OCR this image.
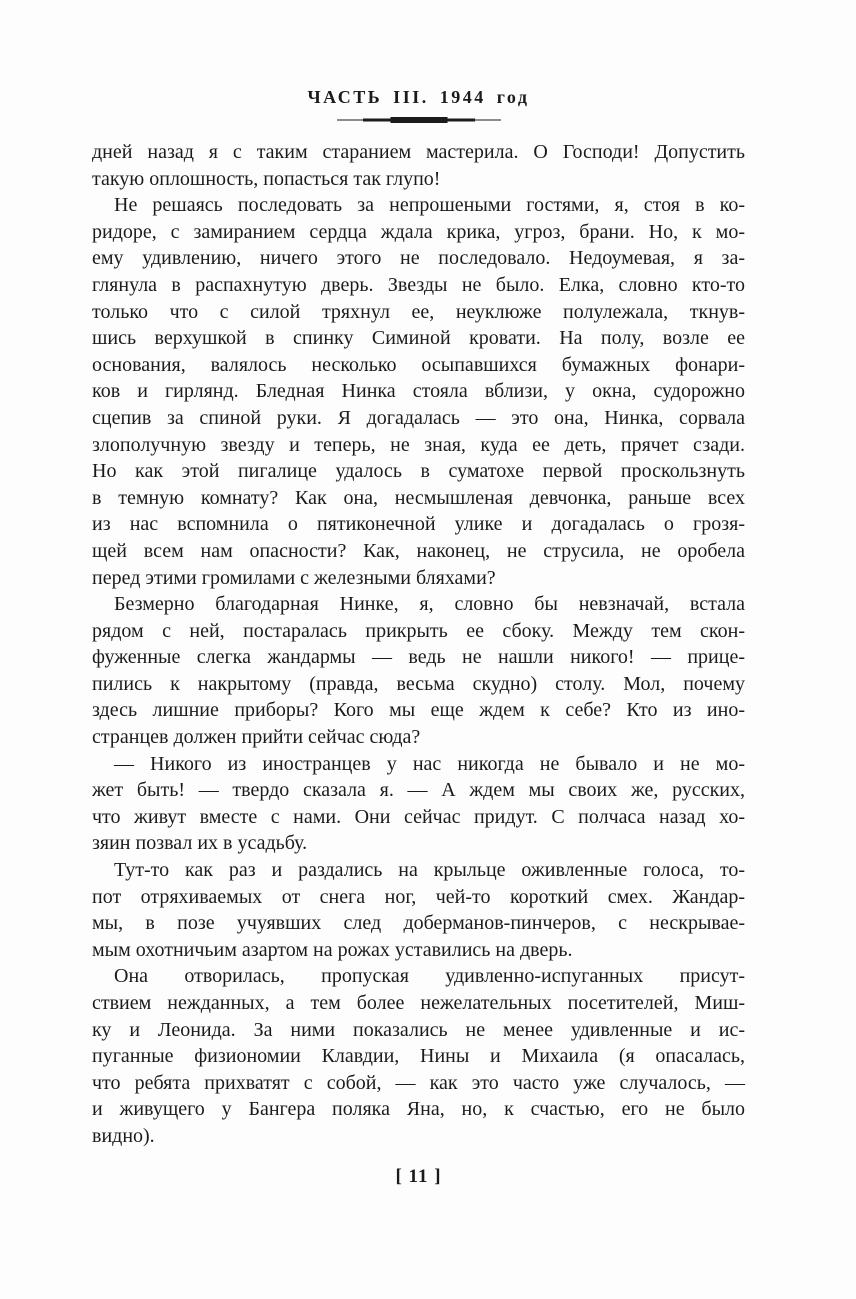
ЧАСТЬ III. 1944 год
дней назад я с таким старанием мастерила. О Господи! Допустить
такую оплошность, попасться так глупо!
Не решаясь последовать за непрошеными гостями, я, стоя в ко-
ридоре, с замиранием сердца ждала крика, угроз, брани. Но, к мо-
ему удивлению, ничего этого не последовало. Недоумевая, я за-
глянула в распахнутую дверь. Звезды не было. Елка, словно кто-то
только что с силой тряхнул ее, неуклюже полулежала, ткнув-
шись верхушкой в спинку Симиной кровати. На полу, возле ее
основания, валялось несколько осыпавшихся бумажных фонари-
ков и гирлянд. Бледная Нинка стояла вблизи, у окна, судорожно
сцепив за спиной руки. Я догадалась — это она, Нинка, сорвала
злополучную звезду и теперь, не зная, куда ее деть, прячет сзади.
Но как этой пигалице удалось в суматохе первой проскользнуть
в темную комнату? Как она, несмышленая девчонка, раньше всех
из нас вспомнила о пятиконечной улике и догадалась о грозя-
щей всем нам опасности? Как, наконец, не струсила, не оробела
перед этими громилами с железными бляхами?
Безмерно благодарная Нинке, я, словно бы невзначай, встала
рядом с ней, постаралась прикрыть ее сбоку. Между тем скон-
фуженные слегка жандармы — ведь не нашли никого! — прице-
пились к накрытому (правда, весьма скудно) столу. Мол, почему
здесь лишние приборы? Кого мы еще ждем к себе? Кто из ино-
странцев должен прийти сейчас сюда?
— Никого из иностранцев у нас никогда не бывало и не мо-
жет быть! — твердо сказала я. — А ждем мы своих же, русских,
что живут вместе с нами. Они сейчас придут. С полчаса назад хо-
зяин позвал их в усадьбу.
Тут-то как раз и раздались на крыльце оживленные голоса, то-
пот отряхиваемых от снега ног, чей-то короткий смех. Жандар-
мы, в позе учуявших след доберманов-пинчеров, с нескрывае-
мым охотничьим азартом на рожах уставились на дверь.
Она отворилась, пропуская удивленно-испуганных присут-
ствием нежданных, а тем более нежелательных посетителей, Миш-
ку и Леонида. За ними показались не менее удивленные и ис-
пуганные физиономии Клавдии, Нины и Михаила (я опасалась,
что ребята прихватят с собой, — как это часто уже случалось, —
и живущего у Бангера поляка Яна, но, к счастью, его не было
видно).
[ 11 ]
